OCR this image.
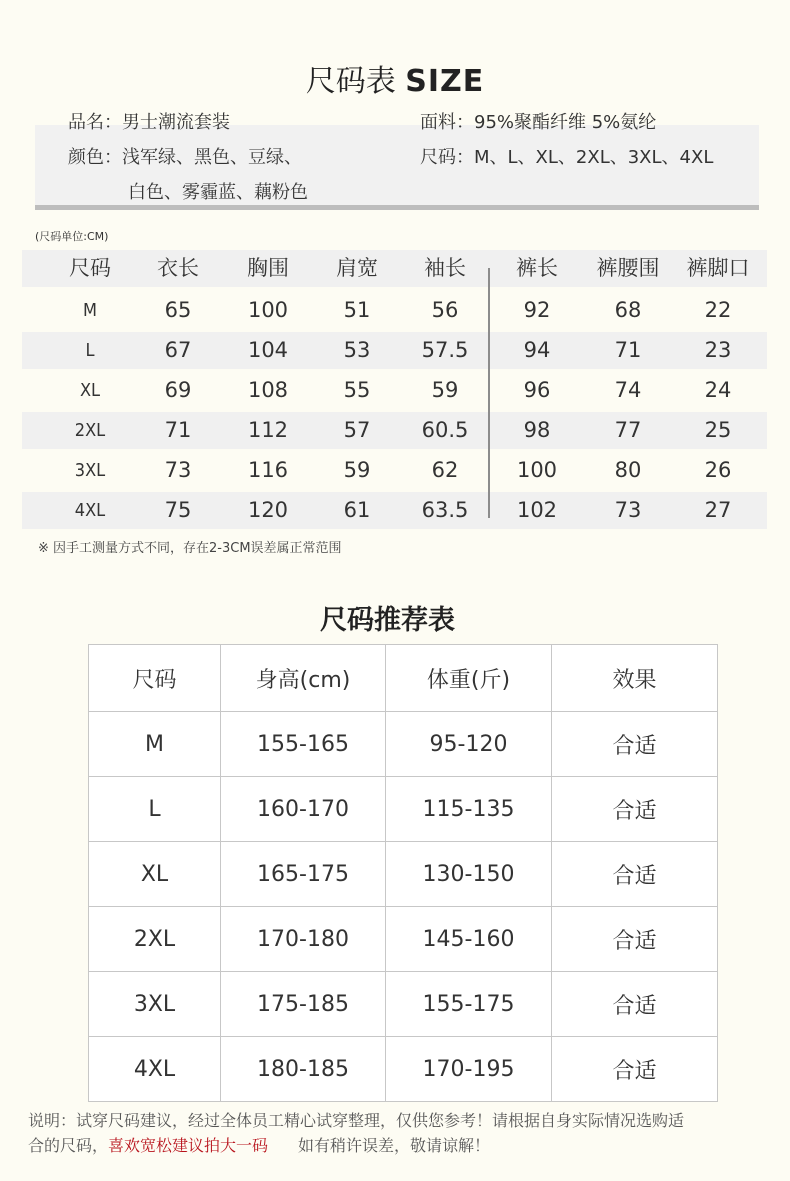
尺码表 SIZE
品名：男士潮流套装	面料：95%聚酯纤维 5%氨纶
颜色：浅军绿、黑色、豆绿、
白色、雾霾蓝、藕粉色
尺码：M、L、XL、2XL、3XL、4XL
(尺码单位:CM)
尺码	衣长	胸围	肩宽	袖长	裤长	裤腰围	裤脚口
M	65	100	51	56	92	68	22
L	67	104	53	57.5	94	71	23
XL	69	108	55	59	96	74	24
2XL	71	112	57	60.5	98	77	25
3XL	73	116	59	62	100	80	26
4XL	75	120	61	63.5	102	73	27
※ 因手工测量方式不同，存在2-3CM误差属正常范围
尺码推荐表
尺码	身高(cm)	体重(斤)	效果
M	155-165	95-120	合适
L	160-170	115-135	合适
XL	165-175	130-150	合适
2XL	170-180	145-160	合适
3XL	175-185	155-175	合适
4XL	180-185	170-195	合适
说明：试穿尺码建议，经过全体员工精心试穿整理，仅供您参考！请根据自身实际情况选购适
合的尺码，喜欢宽松建议拍大一码 如有稍许误差，敬请谅解！
